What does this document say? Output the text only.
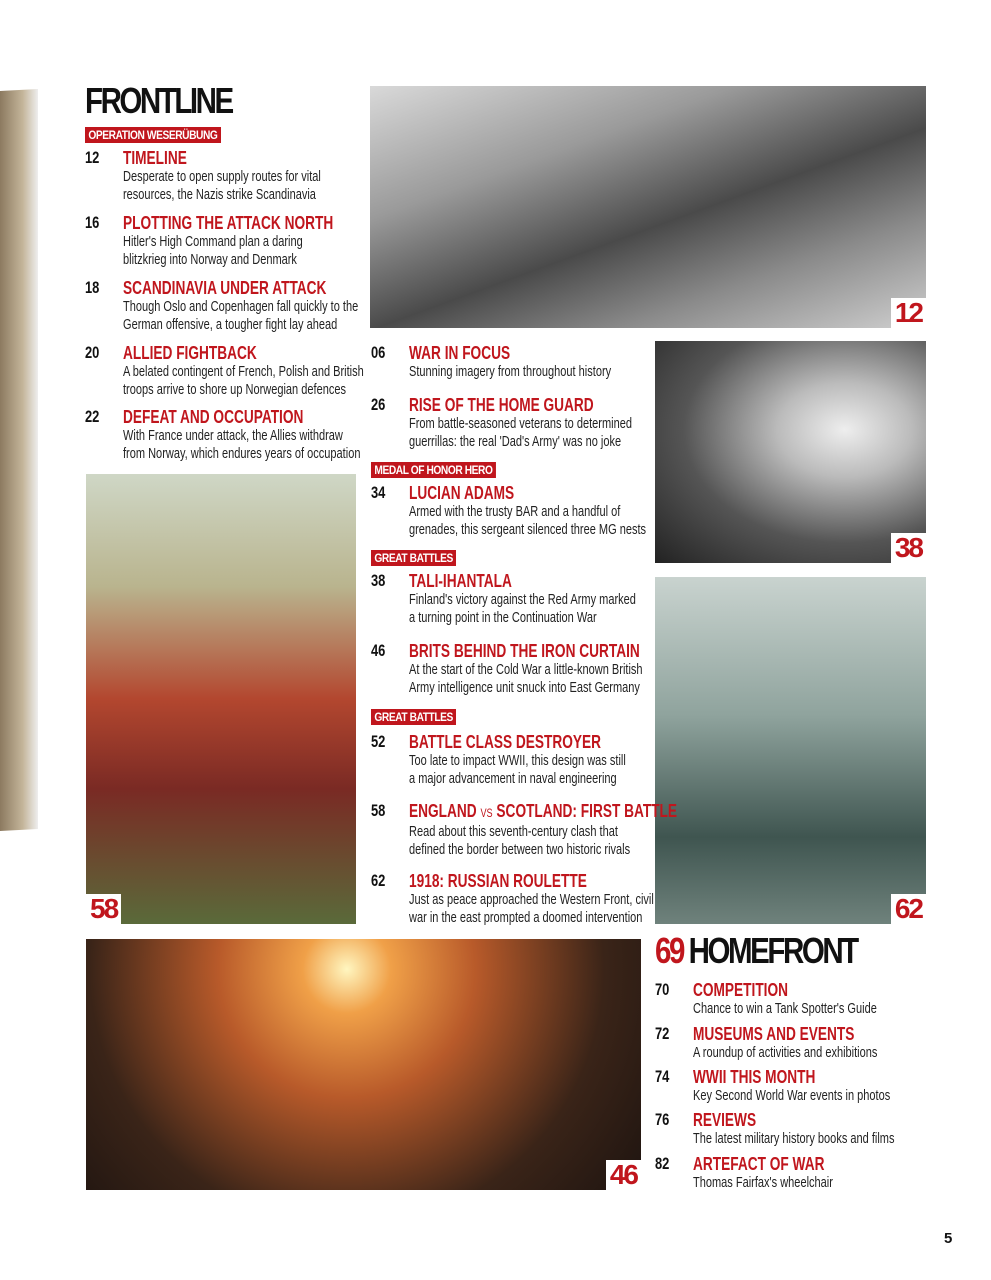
12
38
62
58
46
FRONTLINE
OPERATION WESERÜBUNG
12 TIMELINE
Desperate to open supply routes for vital
resources, the Nazis strike Scandinavia
16 PLOTTING THE ATTACK NORTH
Hitler's High Command plan a daring
blitzkrieg into Norway and Denmark
18 SCANDINAVIA UNDER ATTACK
Though Oslo and Copenhagen fall quickly to the
German offensive, a tougher fight lay ahead
20 ALLIED FIGHTBACK
A belated contingent of French, Polish and British
troops arrive to shore up Norwegian defences
22 DEFEAT AND OCCUPATION
With France under attack, the Allies withdraw
from Norway, which endures years of occupation
06 WAR IN FOCUS
Stunning imagery from throughout history
26 RISE OF THE HOME GUARD
From battle-seasoned veterans to determined
guerrillas: the real 'Dad's Army' was no joke
MEDAL OF HONOR HERO
34 LUCIAN ADAMS
Armed with the trusty BAR and a handful of
grenades, this sergeant silenced three MG nests
GREAT BATTLES
38 TALI-IHANTALA
Finland's victory against the Red Army marked
a turning point in the Continuation War
46 BRITS BEHIND THE IRON CURTAIN
At the start of the Cold War a little-known British
Army intelligence unit snuck into East Germany
GREAT BATTLES
52 BATTLE CLASS DESTROYER
Too late to impact WWII, this design was still
a major advancement in naval engineering
58 ENGLAND VS SCOTLAND: FIRST BATTLE
Read about this seventh-century clash that
defined the border between two historic rivals
62 1918: RUSSIAN ROULETTE
Just as peace approached the Western Front, civil
war in the east prompted a doomed intervention
69 HOMEFRONT
70 COMPETITION
Chance to win a Tank Spotter's Guide
72 MUSEUMS AND EVENTS
A roundup of activities and exhibitions
74 WWII THIS MONTH
Key Second World War events in photos
76 REVIEWS
The latest military history books and films
82 ARTEFACT OF WAR
Thomas Fairfax's wheelchair
5
